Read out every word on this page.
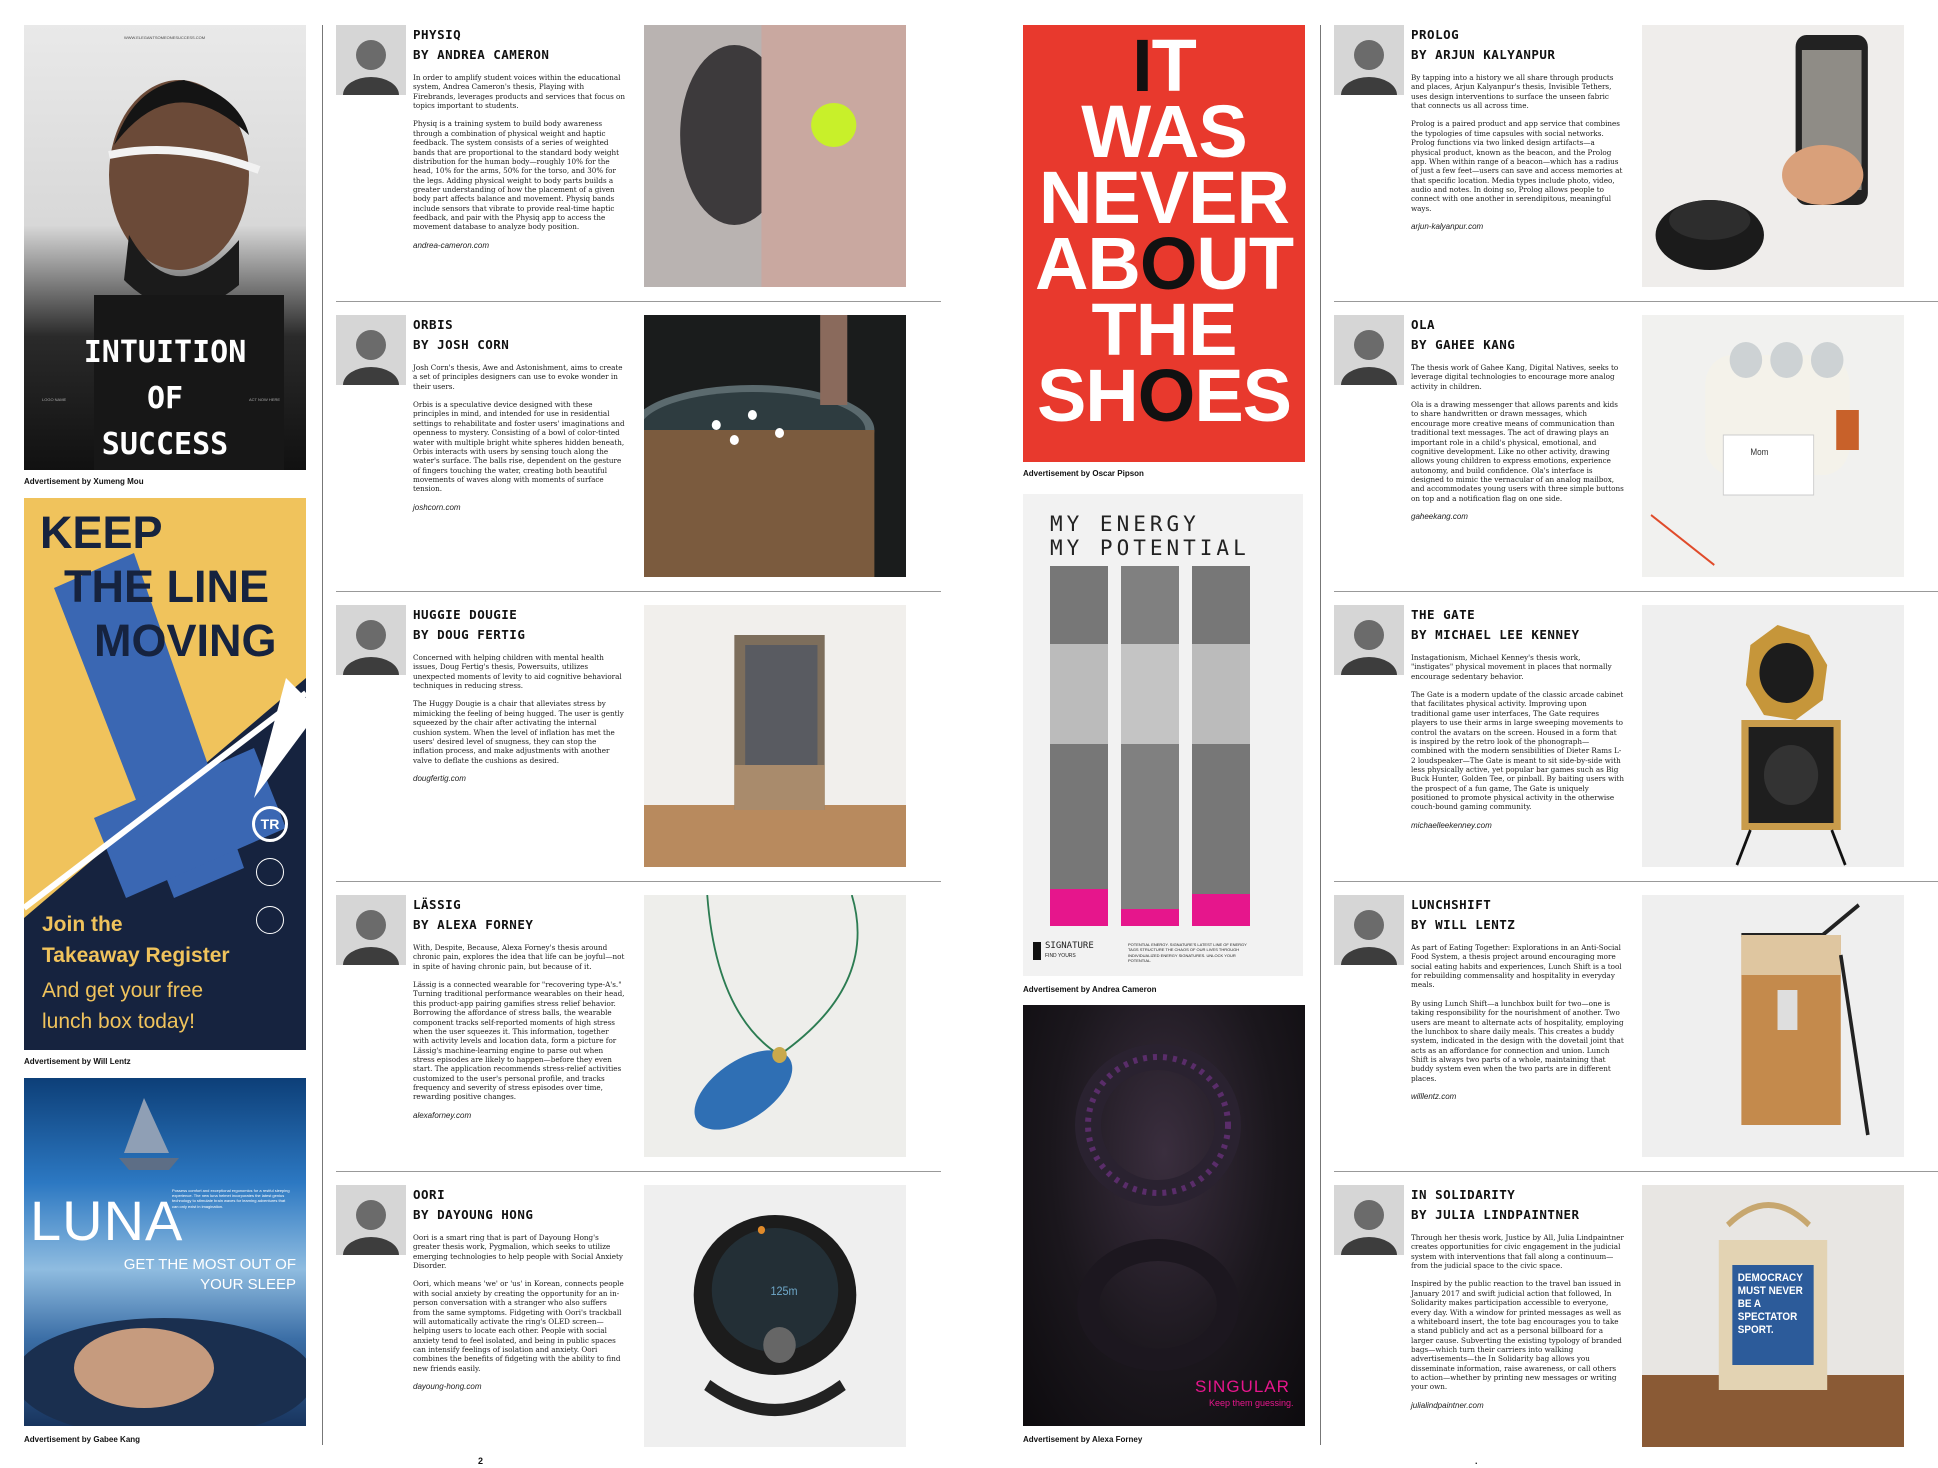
WWW.ELEGANTSOMEONESUCCESS.COM
INTUITION
OF
SUCCESS
LOGO NAME	ACT NOW HERE
Advertisement by Xumeng Mou
KEEP
THE LINE
MOVING
TR
Join the
Takeaway Register
And get your free
lunch box today!
Advertisement by Will Lentz
Possess comfort and exceptional ergonomics for a restful sleeping experience. The new luna helmet incorporates the latest genius technology to stimulate brain waves for learning adventures that can only exist in imagination.
LUNA
GET THE MOST OUT OF
YOUR SLEEP
Advertisement by Gabee Kang
PHYSIQ
BY ANDREA CAMERON

In order to amplify student voices within the educational system, Andrea Cameron's thesis, Playing with Firebrands, leverages products and services that focus on topics important to students.

Physiq is a training system to build body awareness through a combination of physical weight and haptic feedback. The system consists of a series of weighted bands that are proportional to the standard body weight distribution for the human body—roughly 10% for the head, 10% for the arms, 50% for the torso, and 30% for the legs. Adding physical weight to body parts builds a greater understanding of how the placement of a given body part affects balance and movement. Physiq bands include sensors that vibrate to provide real-time haptic feedback, and pair with the Physiq app to access the movement database to analyze body position.

andrea-cameron.com
ORBIS
BY JOSH CORN

Josh Corn's thesis, Awe and Astonishment, aims to create a set of principles designers can use to evoke wonder in their users.

Orbis is a speculative device designed with these principles in mind, and intended for use in residential settings to rehabilitate and foster users' imaginations and openness to mystery. Consisting of a bowl of color-tinted water with multiple bright white spheres hidden beneath, Orbis interacts with users by sensing touch along the water's surface. The balls rise, dependent on the gesture of fingers touching the water, creating both beautiful movements of waves along with moments of surface tension.

joshcorn.com
HUGGIE DOUGIE
BY DOUG FERTIG

Concerned with helping children with mental health issues, Doug Fertig's thesis, Powersuits, utilizes unexpected moments of levity to aid cognitive behavioral techniques in reducing stress.

The Huggy Dougie is a chair that alleviates stress by mimicking the feeling of being hugged. The user is gently squeezed by the chair after activating the internal cushion system. When the level of inflation has met the users' desired level of snugness, they can stop the inflation process, and make adjustments with another valve to deflate the cushions as desired.

dougfertig.com
LÄSSIG
BY ALEXA FORNEY

With, Despite, Because, Alexa Forney's thesis around chronic pain, explores the idea that life can be joyful—not in spite of having chronic pain, but because of it.

Lässig is a connected wearable for "recovering type-A's." Turning traditional performance wearables on their head, this product-app pairing gamifies stress relief behavior. Borrowing the affordance of stress balls, the wearable component tracks self-reported moments of high stress when the user squeezes it. This information, together with activity levels and location data, form a picture for Lässig's machine-learning engine to parse out when stress episodes are likely to happen—before they even start. The application recommends stress-relief activities customized to the user's personal profile, and tracks frequency and severity of stress episodes over time, rewarding positive changes.

alexaforney.com
OORI
BY DAYOUNG HONG

Oori is a smart ring that is part of Dayoung Hong's greater thesis work, Pygmalion, which seeks to utilize emerging technologies to help people with Social Anxiety Disorder.

Oori, which means 'we' or 'us' in Korean, connects people with social anxiety by creating the opportunity for an in-person conversation with a stranger who also suffers from the same symptoms. Fidgeting with Oori's trackball will automatically activate the ring's OLED screen—helping users to locate each other. People with social anxiety tend to feel isolated, and being in public spaces can intensify feelings of isolation and anxiety. Oori combines the benefits of fidgeting with the ability to find new friends easily.

dayoung-hong.com
125m
2
IT
WAS
NEVER
ABOUT
THE
SHOES
Advertisement by Oscar Pipson
MY ENERGY
MY POTENTIAL
SIGNATURE
FIND YOURS
POTENTIAL ENERGY. SIGNATURE'S LATEST LINE OF ENERGY TAGS STRUCTURE THE CHAOS OF OUR LIVES THROUGH INDIVIDUALIZED ENERGY SIGNATURES. UNLOCK YOUR POTENTIAL.
Advertisement by Andrea Cameron
SINGULAR
Keep them guessing.
Advertisement by Alexa Forney
PROLOG
BY ARJUN KALYANPUR

By tapping into a history we all share through products and places, Arjun Kalyanpur's thesis, Invisible Tethers, uses design interventions to surface the unseen fabric that connects us all across time.

Prolog is a paired product and app service that combines the typologies of time capsules with social networks. Prolog functions via two linked design artifacts—a physical product, known as the beacon, and the Prolog app. When within range of a beacon—which has a radius of just a few feet—users can save and access memories at that specific location. Media types include photo, video, audio and notes. In doing so, Prolog allows people to connect with one another in serendipitous, meaningful ways.

arjun-kalyanpur.com
OLA
BY GAHEE KANG

The thesis work of Gahee Kang, Digital Natives, seeks to leverage digital technologies to encourage more analog activity in children.

Ola is a drawing messenger that allows parents and kids to share handwritten or drawn messages, which encourage more creative means of communication than traditional text messages. The act of drawing plays an important role in a child's physical, emotional, and cognitive development. Like no other activity, drawing allows young children to express emotions, experience autonomy, and build confidence. Ola's interface is designed to mimic the vernacular of an analog mailbox, and accommodates young users with three simple buttons on top and a notification flag on one side.

gaheekang.com
Mom
THE GATE
BY MICHAEL LEE KENNEY

Instagationism, Michael Kenney's thesis work, "instigates" physical movement in places that normally encourage sedentary behavior.

The Gate is a modern update of the classic arcade cabinet that facilitates physical activity. Improving upon traditional game user interfaces, The Gate requires players to use their arms in large sweeping movements to control the avatars on the screen. Housed in a form that is inspired by the retro look of the phonograph—combined with the modern sensibilities of Dieter Rams L-2 loudspeaker—The Gate is meant to sit side-by-side with less physically active, yet popular bar games such as Big Buck Hunter, Golden Tee, or pinball. By baiting users with the prospect of a fun game, The Gate is uniquely positioned to promote physical activity in the otherwise couch-bound gaming community.

michaelleekenney.com
LUNCHSHIFT
BY WILL LENTZ

As part of Eating Together: Explorations in an Anti-Social Food System, a thesis project around encouraging more social eating habits and experiences, Lunch Shift is a tool for rebuilding commensality and hospitality in everyday meals.

By using Lunch Shift—a lunchbox built for two—one is taking responsibility for the nourishment of another. Two users are meant to alternate acts of hospitality, employing the lunchbox to share daily meals. This creates a buddy system, indicated in the design with the dovetail joint that acts as an affordance for connection and union. Lunch Shift is always two parts of a whole, maintaining that buddy system even when the two parts are in different places.

willlentz.com
IN SOLIDARITY
BY JULIA LINDPAINTNER

Through her thesis work, Justice by All, Julia Lindpaintner creates opportunities for civic engagement in the judicial system with interventions that fall along a continuum—from the judicial space to the civic space.

Inspired by the public reaction to the travel ban issued in January 2017 and swift judicial action that followed, In Solidarity makes participation accessible to everyone, every day. With a window for printed messages as well as a whiteboard insert, the tote bag encourages you to take a stand publicly and act as a personal billboard for a larger cause. Subverting the existing typology of branded bags—which turn their carriers into walking advertisements—the In Solidarity bag allows you disseminate information, raise awareness, or call others to action—whether by printing new messages or writing your own.

julialindpaintner.com
DEMOCRACY MUST NEVER BE A SPECTATOR SPORT.
.
